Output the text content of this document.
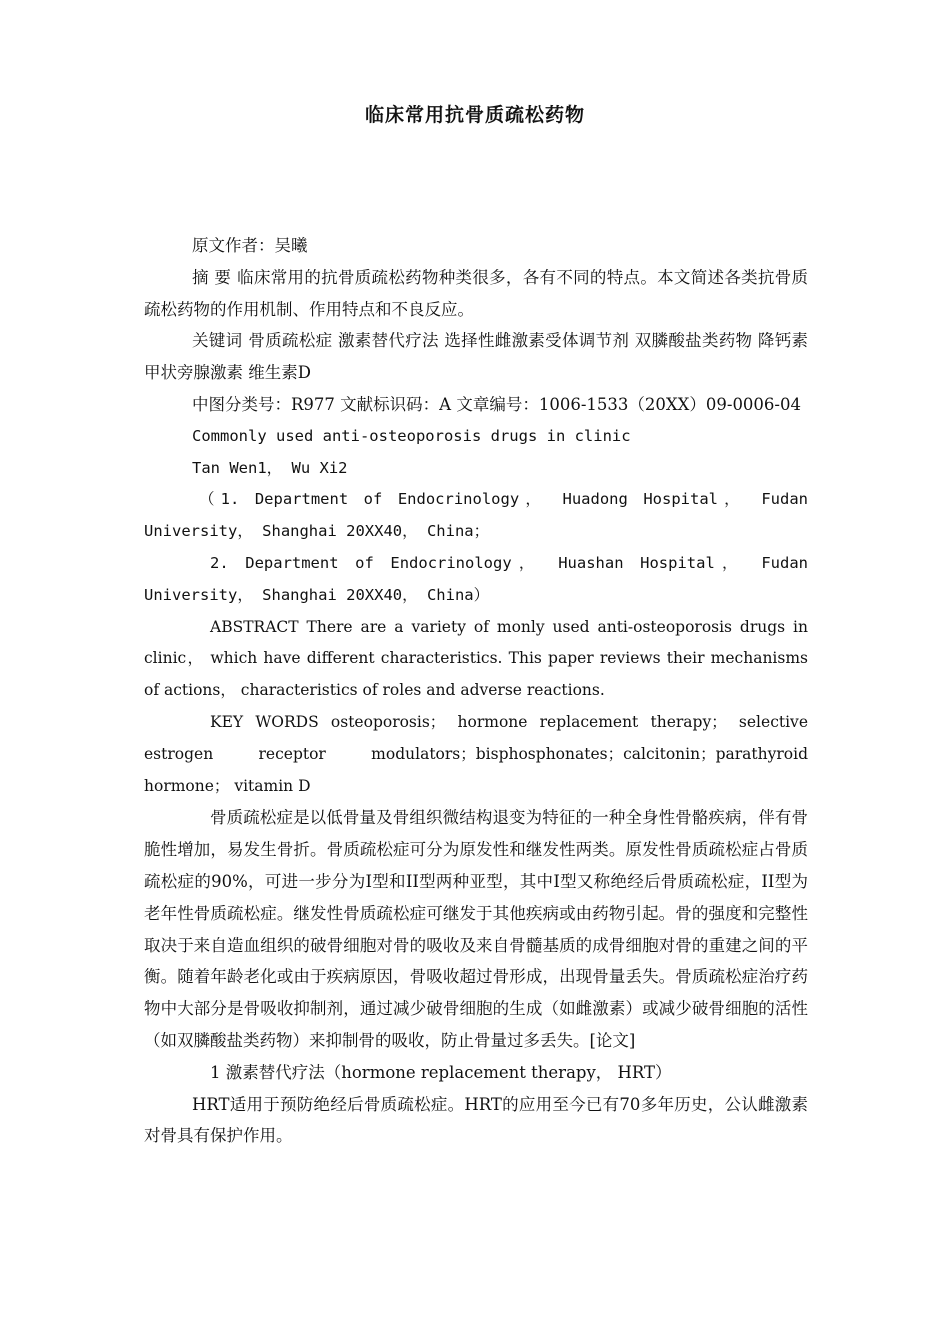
临床常用抗骨质疏松药物

原文作者：吴曦

摘 要 临床常用的抗骨质疏松药物种类很多，各有不同的特点。本文简述各类抗骨质疏松药物的作用机制、作用特点和不良反应。

关键词 骨质疏松症 激素替代疗法 选择性雌激素受体调节剂 双膦酸盐类药物 降钙素 甲状旁腺激素 维生素D

中图分类号：R977 文献标识码：A 文章编号：1006-1533（20XX）09-0006-04

Commonly used anti-osteoporosis drugs in clinic

Tan Wen1， Wu Xi2

（1. Department of Endocrinology， Huadong Hospital， Fudan University， Shanghai 20XX40， China；

2. Department of Endocrinology， Huashan Hospital， Fudan University， Shanghai 20XX40， China）

ABSTRACT There are a variety of monly used anti-osteoporosis drugs in clinic， which have different characteristics. This paper reviews their mechanisms of actions， characteristics of roles and adverse reactions.

KEY WORDS osteoporosis； hormone replacement therapy； selective estrogen receptor modulators；bisphosphonates；calcitonin；parathyroid hormone； vitamin D

骨质疏松症是以低骨量及骨组织微结构退变为特征的一种全身性骨骼疾病，伴有骨脆性增加，易发生骨折。骨质疏松症可分为原发性和继发性两类。原发性骨质疏松症占骨质疏松症的90%，可进一步分为I型和II型两种亚型，其中I型又称绝经后骨质疏松症，II型为老年性骨质疏松症。继发性骨质疏松症可继发于其他疾病或由药物引起。骨的强度和完整性取决于来自造血组织的破骨细胞对骨的吸收及来自骨髓基质的成骨细胞对骨的重建之间的平衡。随着年龄老化或由于疾病原因，骨吸收超过骨形成，出现骨量丢失。骨质疏松症治疗药物中大部分是骨吸收抑制剂，通过减少破骨细胞的生成（如雌激素）或减少破骨细胞的活性（如双膦酸盐类药物）来抑制骨的吸收，防止骨量过多丢失。[论文]

1 激素替代疗法（hormone replacement therapy， HRT）

HRT适用于预防绝经后骨质疏松症。HRT的应用至今已有70多年历史，公认雌激素对骨具有保护作用。
